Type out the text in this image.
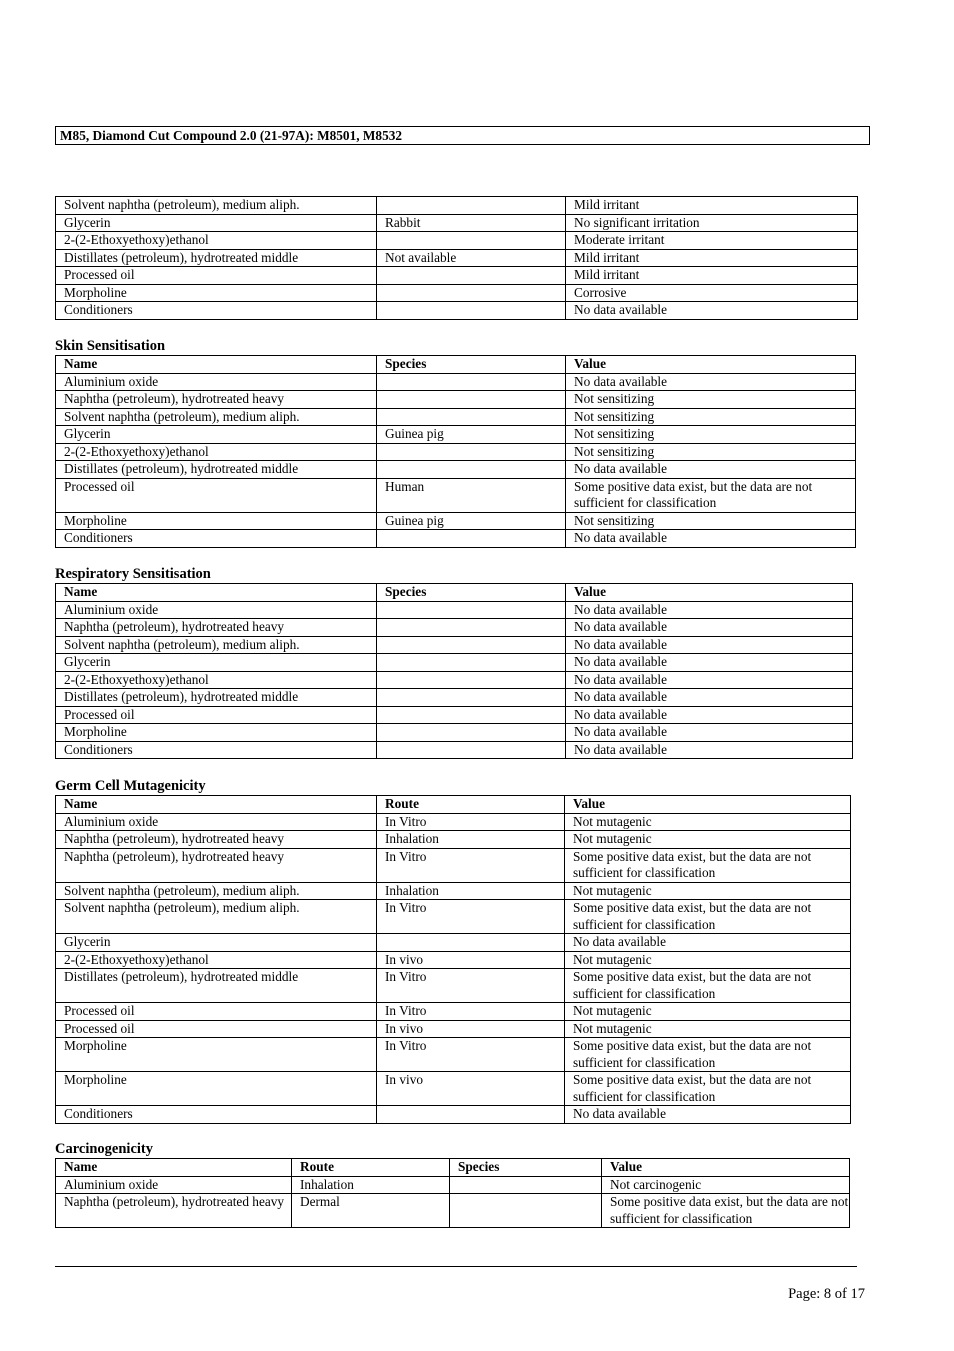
M85, Diamond Cut Compound 2.0 (21-97A): M8501, M8532
Solvent naphtha (petroleum), medium aliph.		Mild irritant
Glycerin	Rabbit	No significant irritation
2-(2-Ethoxyethoxy)ethanol		Moderate irritant
Distillates (petroleum), hydrotreated middle	Not available	Mild irritant
Processed oil		Mild irritant
Morpholine		Corrosive
Conditioners		No data available
Skin Sensitisation
Name	Species	Value
Aluminium oxide		No data available
Naphtha (petroleum), hydrotreated heavy		Not sensitizing
Solvent naphtha (petroleum), medium aliph.		Not sensitizing
Glycerin	Guinea pig	Not sensitizing
2-(2-Ethoxyethoxy)ethanol		Not sensitizing
Distillates (petroleum), hydrotreated middle		No data available
Processed oil	Human	Some positive data exist, but the data are not sufficient for classification
Morpholine	Guinea pig	Not sensitizing
Conditioners		No data available
Respiratory Sensitisation
Name	Species	Value
Aluminium oxide		No data available
Naphtha (petroleum), hydrotreated heavy		No data available
Solvent naphtha (petroleum), medium aliph.		No data available
Glycerin		No data available
2-(2-Ethoxyethoxy)ethanol		No data available
Distillates (petroleum), hydrotreated middle		No data available
Processed oil		No data available
Morpholine		No data available
Conditioners		No data available
Germ Cell Mutagenicity
Name	Route	Value
Aluminium oxide	In Vitro	Not mutagenic
Naphtha (petroleum), hydrotreated heavy	Inhalation	Not mutagenic
Naphtha (petroleum), hydrotreated heavy	In Vitro	Some positive data exist, but the data are not sufficient for classification
Solvent naphtha (petroleum), medium aliph.	Inhalation	Not mutagenic
Solvent naphtha (petroleum), medium aliph.	In Vitro	Some positive data exist, but the data are not sufficient for classification
Glycerin		No data available
2-(2-Ethoxyethoxy)ethanol	In vivo	Not mutagenic
Distillates (petroleum), hydrotreated middle	In Vitro	Some positive data exist, but the data are not sufficient for classification
Processed oil	In Vitro	Not mutagenic
Processed oil	In vivo	Not mutagenic
Morpholine	In Vitro	Some positive data exist, but the data are not sufficient for classification
Morpholine	In vivo	Some positive data exist, but the data are not sufficient for classification
Conditioners		No data available
Carcinogenicity
Name	Route	Species	Value
Aluminium oxide	Inhalation		Not carcinogenic
Naphtha (petroleum), hydrotreated heavy	Dermal		Some positive data exist, but the data are not sufficient for classification
Page: 8 of 17
